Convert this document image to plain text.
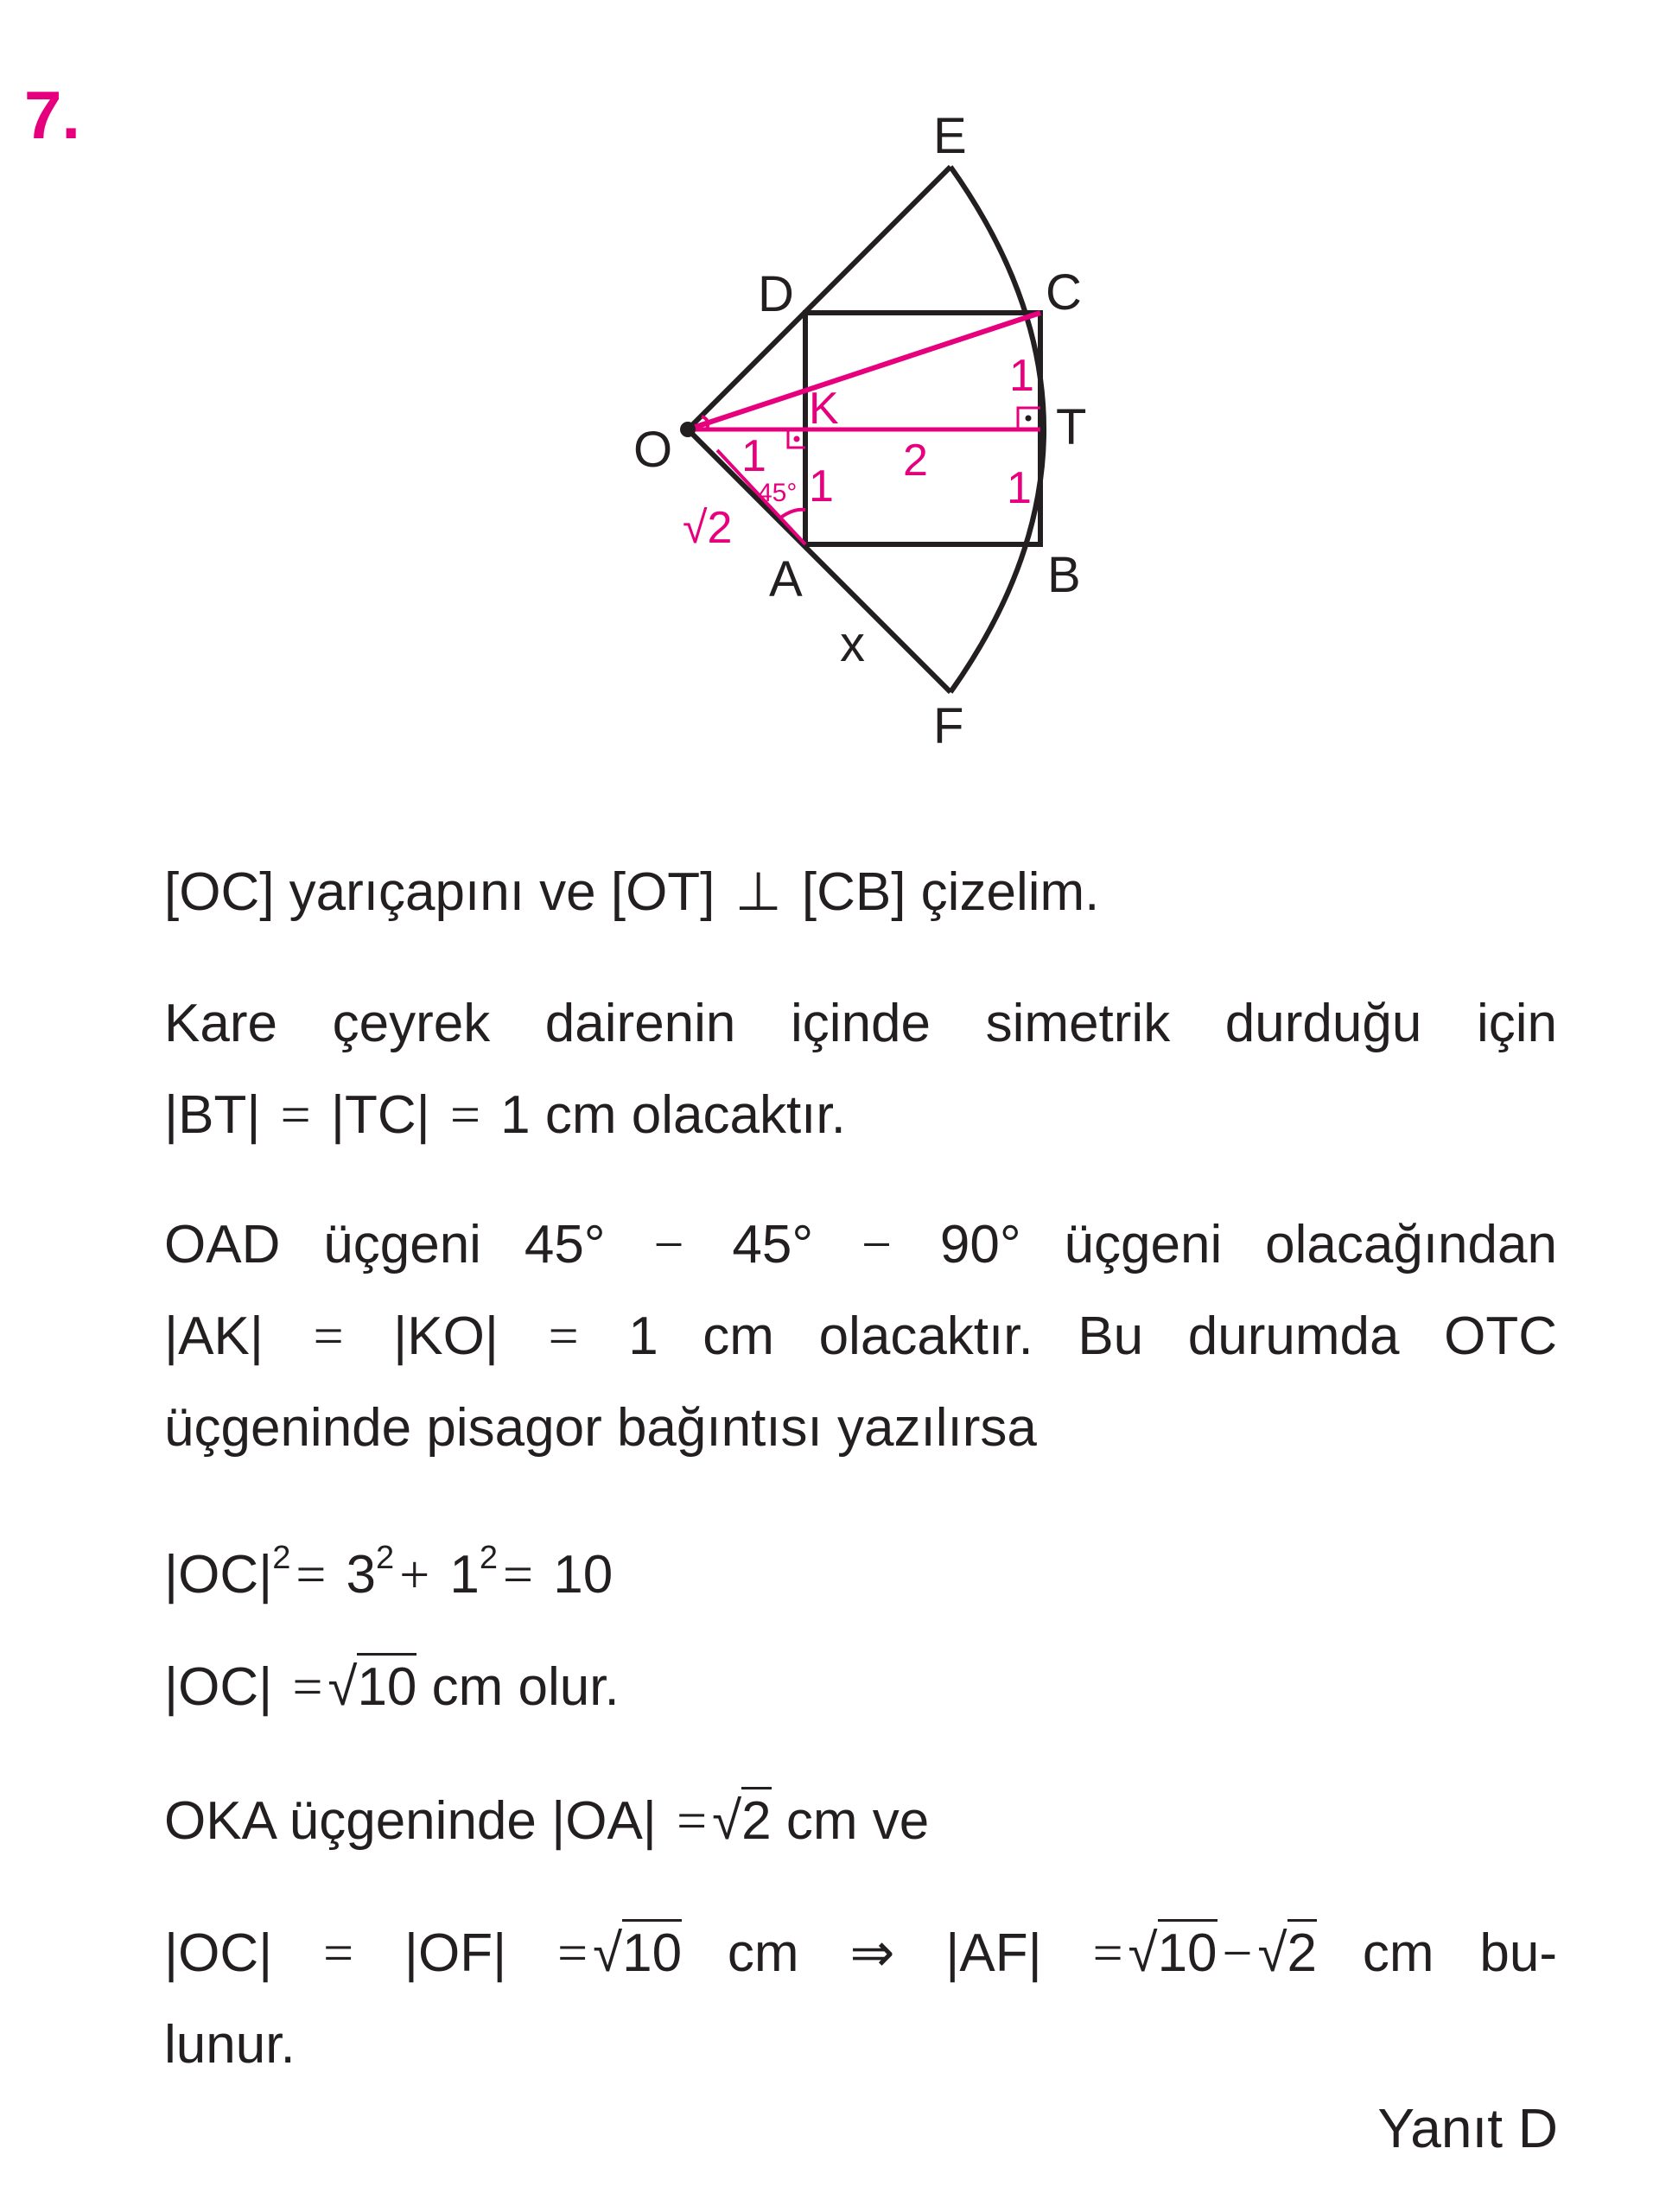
7.	E
D	C
O	T
A	B
x
F
K
1
1
2
1
1
45°
√2
[OC] yarıçapını ve [OT] ⊥ [CB] çizelim.
Kare çeyrek dairenin içinde simetrik durduğu için
|BT| = |TC| = 1 cm olacaktır.
OAD üçgeni 45° − 45° − 90° üçgeni olacağından
|AK| = |KO| = 1 cm olacaktır. Bu durumda OTC
üçgeninde pisagor bağıntısı yazılırsa
$|OC|^2= 3^2+ 1^2= 10$
|OC| =√10 cm olur.
OKA üçgeninde |OA| =√2 cm ve
|OC| = |OF| =√10 cm ⇒ |AF| =√10−√2 cm bu-
lunur.
Yanıt D
